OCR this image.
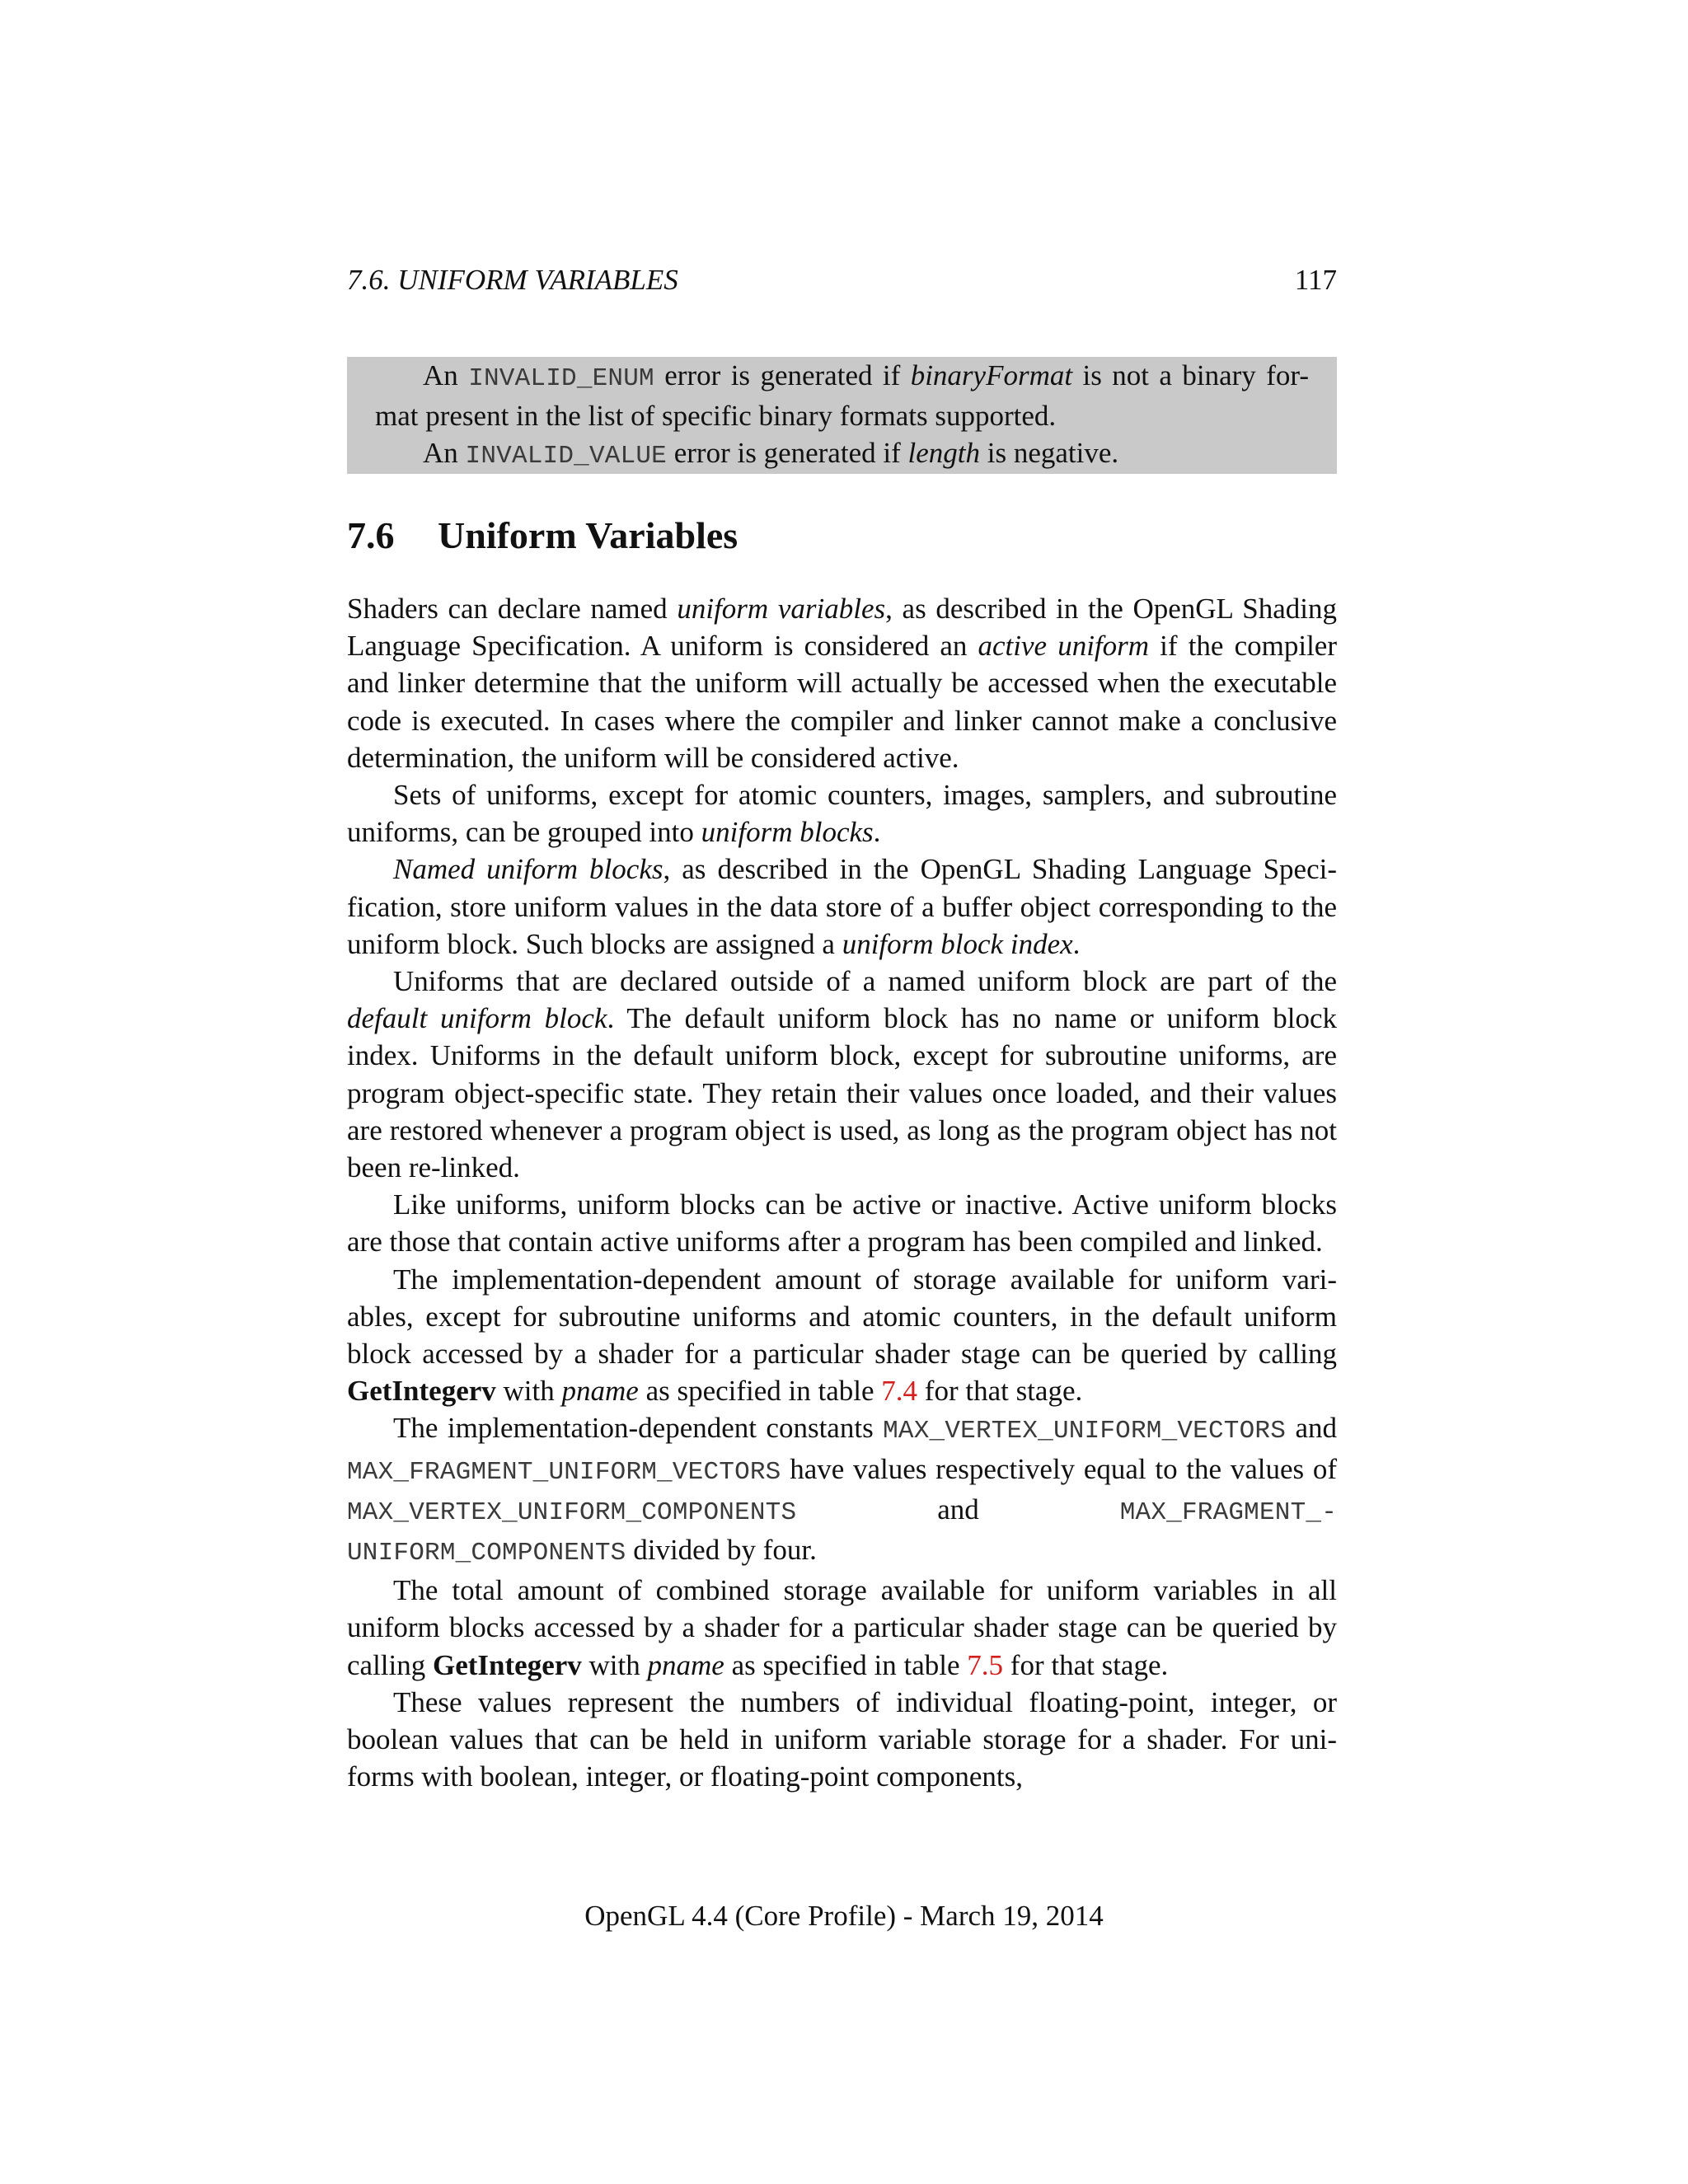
7.6. UNIFORM VARIABLES	117

An INVALID_ENUM error is generated if binaryFormat is not a binary for-mat present in the list of specific binary formats supported.

An INVALID_VALUE error is generated if length is negative.

7.6 Uniform Variables

Shaders can declare named uniform variables, as described in the OpenGL Shading Language Specification. A uniform is considered an active uniform if the compiler and linker determine that the uniform will actually be accessed when the executable code is executed. In cases where the compiler and linker cannot make a conclusive determination, the uniform will be considered active.

Sets of uniforms, except for atomic counters, images, samplers, and subroutine uniforms, can be grouped into uniform blocks.

Named uniform blocks, as described in the OpenGL Shading Language Speci-fication, store uniform values in the data store of a buffer object corresponding to the uniform block. Such blocks are assigned a uniform block index.

Uniforms that are declared outside of a named uniform block are part of the default uniform block. The default uniform block has no name or uniform block index. Uniforms in the default uniform block, except for subroutine uniforms, are program object-specific state. They retain their values once loaded, and their values are restored whenever a program object is used, as long as the program object has not been re-linked.

Like uniforms, uniform blocks can be active or inactive. Active uniform blocks are those that contain active uniforms after a program has been compiled and linked.

The implementation-dependent amount of storage available for uniform vari-ables, except for subroutine uniforms and atomic counters, in the default uniform block accessed by a shader for a particular shader stage can be queried by calling GetIntegerv with pname as specified in table 7.4 for that stage.

The implementation-dependent constants MAX_VERTEX_UNIFORM_VECTORS and MAX_FRAGMENT_UNIFORM_VECTORS have values respectively equal to the values of MAX_VERTEX_UNIFORM_COMPONENTS and MAX_FRAGMENT_-UNIFORM_COMPONENTS divided by four.

The total amount of combined storage available for uniform variables in all uniform blocks accessed by a shader for a particular shader stage can be queried by calling GetIntegerv with pname as specified in table 7.5 for that stage.

These values represent the numbers of individual floating-point, integer, or boolean values that can be held in uniform variable storage for a shader. For uni-forms with boolean, integer, or floating-point components,

OpenGL 4.4 (Core Profile) - March 19, 2014
